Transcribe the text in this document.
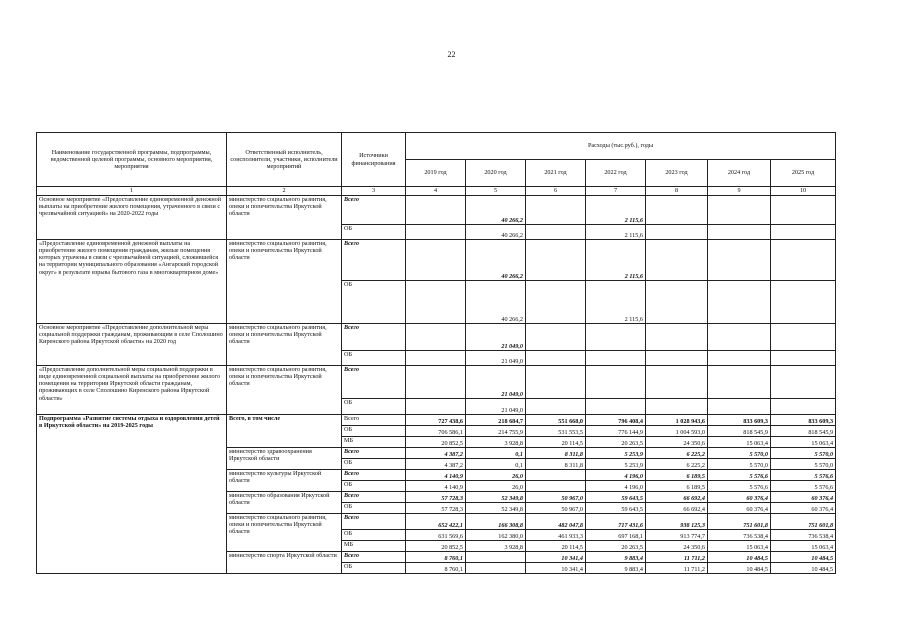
22
Наименование государственной программы, подпрограммы, ведомственной целевой программы, основного мероприятия, мероприятия	Ответственный исполнитель, соисполнители, участники, исполнители мероприятий	Источники финансирования	Расходы (тыс.руб.), годы						
			2019 год	2020 год	2021 год	2022 год	2023 год	2024 год	2025 год
1	2	3	4	5	6	7	8	9	10
Основное мероприятие «Предоставление единовременной денежной выплаты на приобретение жилого помещения, утраченного в связи с чрезвычайной ситуацией» на 2020-2022 годы	министерство социального развития, опеки и попечительства Иркутской области	Всего		40 266,2		2 115,6			
		ОБ		40 266,2		2 115,6			
«Предоставление единовременной денежной выплаты на приобретение жилого помещения гражданам, жилые помещения которых утрачены в связи с чрезвычайной ситуацией, сложившейся на территории муниципального образования «Ангарский городской округ» в результате взрыва бытового газа в многоквартирном доме»	министерство социального развития, опеки и попечительства Иркутской области	Всего		40 266,2		2 115,6			
		ОБ		40 266,2		2 115,6			
Основное мероприятие «Предоставление дополнительной меры социальной поддержки гражданам, проживающим в селе Сполошино Киренского района Иркутской области» на 2020 год	министерство социального развития, опеки и попечительства Иркутской области	Всего		21 049,0					
		ОБ		21 049,0					
«Предоставление дополнительной меры социальной поддержки в виде единовременной социальной выплаты на приобретение жилого помещения на территории Иркутской области гражданам, проживающих в селе Сполошино Киренского района Иркутской области»	министерство социального развития, опеки и попечительства Иркутской области	Всего		21 049,0					
		ОБ		21 049,0					
Подпрограмма «Развитие системы отдыха и оздоровления детей в Иркутской области» на 2019-2025 годы	Всего, в том числе	Всего	727 438,6	218 684,7	551 668,0	796 408,4	1 028 943,6	833 609,3	833 609,3
		ОБ	706 586,1	214 755,9	531 553,5	776 144,9	1 004 593,0	818 545,9	818 545,9
		МБ	20 852,5	3 928,8	20 114,5	20 263,5	24 350,6	15 063,4	15 063,4
	министерство здравоохранения Иркутской области	Всего	4 387,2	0,1	8 311,8	5 253,9	6 225,2	5 570,0	5 570,0
		ОБ	4 387,2	0,1	8 311,8	5 253,9	6 225,2	5 570,0	5 570,0
	министерство культуры Иркутской области	Всего	4 140,9	26,0		4 196,0	6 189,5	5 576,6	5 576,6
		ОБ	4 140,9	26,0		4 196,0	6 189,5	5 576,6	5 576,6
	министерство образования Иркутской области	Всего	57 728,3	52 349,8	50 967,0	59 643,5	66 692,4	60 376,4	60 376,4
		ОБ	57 728,3	52 349,8	50 967,0	59 643,5	66 692,4	60 376,4	60 376,4
	министерство социального развития, опеки и попечительства Иркутской области	Всего	652 422,1	166 308,8	482 047,8	717 431,6	938 125,3	751 601,8	751 601,8
		ОБ	631 569,6	162 380,0	461 933,3	697 168,1	913 774,7	736 538,4	736 538,4
		МБ	20 852,5	3 928,8	20 114,5	20 263,5	24 350,6	15 063,4	15 063,4
	министерство спорта Иркутской области	Всего	8 760,1		10 341,4	9 883,4	11 711,2	10 484,5	10 484,5
		ОБ	8 760,1		10 341,4	9 883,4	11 711,2	10 484,5	10 484,5
